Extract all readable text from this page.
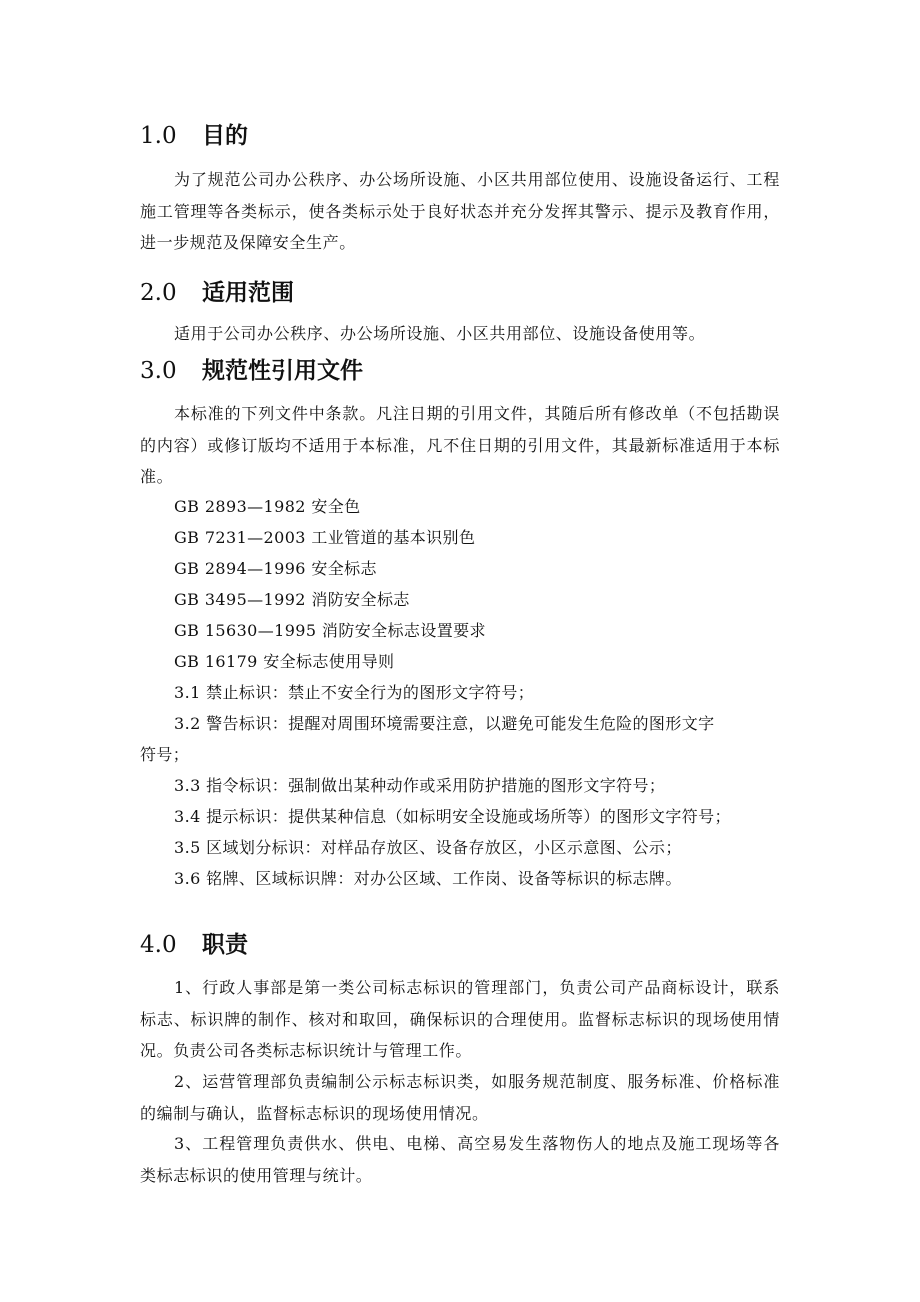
1.0 目的

为了规范公司办公秩序、办公场所设施、小区共用部位使用、设施设备运行、工程施工管理等各类标示，使各类标示处于良好状态并充分发挥其警示、提示及教育作用，进一步规范及保障安全生产。

2.0 适用范围

适用于公司办公秩序、办公场所设施、小区共用部位、设施设备使用等。

3.0 规范性引用文件

本标准的下列文件中条款。凡注日期的引用文件，其随后所有修改单（不包括勘误的内容）或修订版均不适用于本标准，凡不住日期的引用文件，其最新标准适用于本标准。

GB 2893—1982 安全色
GB 7231—2003 工业管道的基本识别色
GB 2894—1996 安全标志
GB 3495—1992 消防安全标志
GB 15630—1995 消防安全标志设置要求
GB 16179 安全标志使用导则
3.1 禁止标识：禁止不安全行为的图形文字符号；
3.2 警告标识：提醒对周围环境需要注意，以避免可能发生危险的图形文字
符号；
3.3 指令标识：强制做出某种动作或采用防护措施的图形文字符号；
3.4 提示标识：提供某种信息（如标明安全设施或场所等）的图形文字符号；
3.5 区域划分标识：对样品存放区、设备存放区，小区示意图、公示；
3.6 铭牌、区域标识牌：对办公区域、工作岗、设备等标识的标志牌。
4.0 职责

1、行政人事部是第一类公司标志标识的管理部门，负责公司产品商标设计，联系标志、标识牌的制作、核对和取回，确保标识的合理使用。监督标志标识的现场使用情况。负责公司各类标志标识统计与管理工作。

2、运营管理部负责编制公示标志标识类，如服务规范制度、服务标准、价格标准的编制与确认，监督标志标识的现场使用情况。

3、工程管理负责供水、供电、电梯、高空易发生落物伤人的地点及施工现场等各类标志标识的使用管理与统计。
